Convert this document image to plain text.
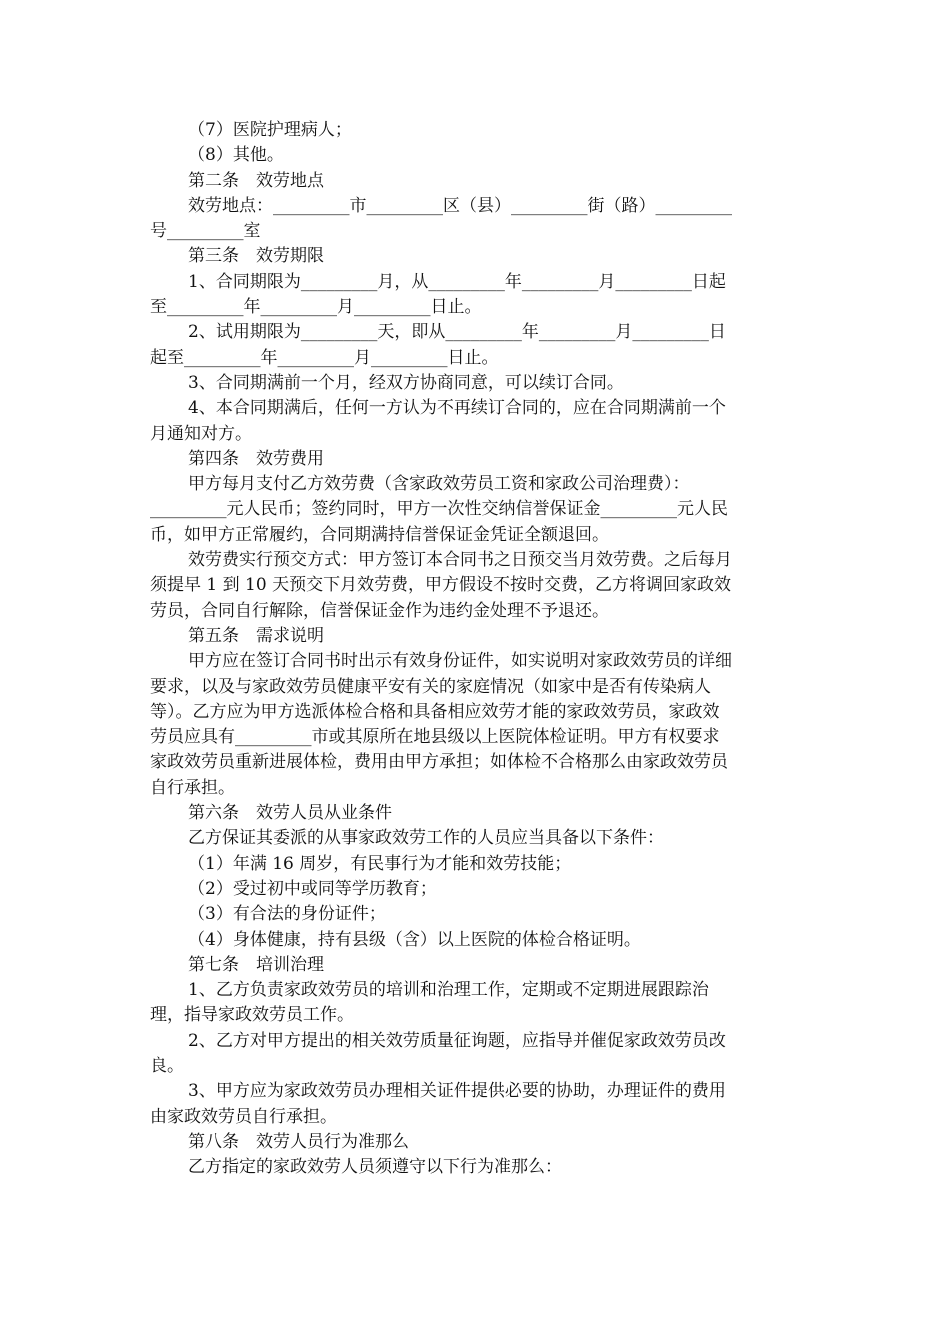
（7）医院护理病人；
（8）其他。
第二条　效劳地点
效劳地点：_________市_________区（县）_________街（路）_________
号_________室
第三条　效劳期限
1、合同期限为_________月，从_________年_________月_________日起
至_________年_________月_________日止。
2、试用期限为_________天，即从_________年_________月_________日
起至_________年_________月_________日止。
3、合同期满前一个月，经双方协商同意，可以续订合同。
4、本合同期满后，任何一方认为不再续订合同的，应在合同期满前一个
月通知对方。
第四条　效劳费用
甲方每月支付乙方效劳费（含家政效劳员工资和家政公司治理费）：
_________元人民币；签约同时，甲方一次性交纳信誉保证金_________元人民
币，如甲方正常履约，合同期满持信誉保证金凭证全额退回。
效劳费实行预交方式：甲方签订本合同书之日预交当月效劳费。之后每月
须提早 1 到 10 天预交下月效劳费，甲方假设不按时交费，乙方将调回家政效
劳员，合同自行解除，信誉保证金作为违约金处理不予退还。
第五条　需求说明
甲方应在签订合同书时出示有效身份证件，如实说明对家政效劳员的详细
要求，以及与家政效劳员健康平安有关的家庭情况（如家中是否有传染病人
等）。乙方应为甲方选派体检合格和具备相应效劳才能的家政效劳员，家政效
劳员应具有_________市或其原所在地县级以上医院体检证明。甲方有权要求
家政效劳员重新进展体检，费用由甲方承担；如体检不合格那么由家政效劳员
自行承担。
第六条　效劳人员从业条件
乙方保证其委派的从事家政效劳工作的人员应当具备以下条件：
（1）年满 16 周岁，有民事行为才能和效劳技能；
（2）受过初中或同等学历教育；
（3）有合法的身份证件；
（4）身体健康，持有县级（含）以上医院的体检合格证明。
第七条　培训治理
1、乙方负责家政效劳员的培训和治理工作，定期或不定期进展跟踪治
理，指导家政效劳员工作。
2、乙方对甲方提出的相关效劳质量征询题，应指导并催促家政效劳员改
良。
3、甲方应为家政效劳员办理相关证件提供必要的协助，办理证件的费用
由家政效劳员自行承担。
第八条　效劳人员行为准那么
乙方指定的家政效劳人员须遵守以下行为准那么：
